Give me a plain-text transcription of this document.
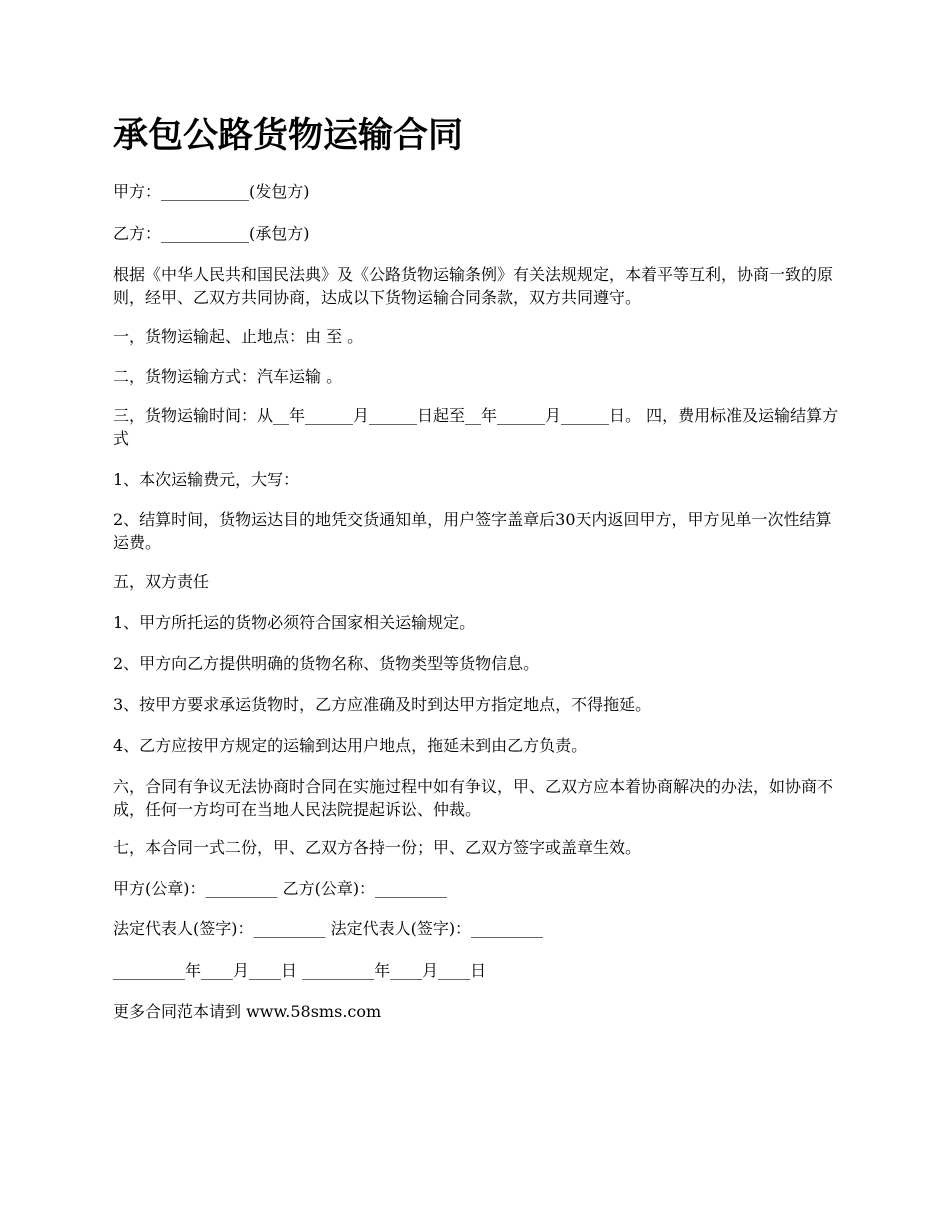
承包公路货物运输合同

甲方：___________(发包方)

乙方：___________(承包方)

根据《中华人民共和国民法典》及《公路货物运输条例》有关法规规定，本着平等互利，协商一致的原则，经甲、乙双方共同协商，达成以下货物运输合同条款，双方共同遵守。

一，货物运输起、止地点：由 至 。

二，货物运输方式：汽车运输 。

三，货物运输时间：从__年______月______日起至__年______月______日。 四，费用标准及运输结算方式

1、本次运输费元，大写：

2、结算时间，货物运达目的地凭交货通知单，用户签字盖章后30天内返回甲方，甲方见单一次性结算运费。

五，双方责任

1、甲方所托运的货物必须符合国家相关运输规定。

2、甲方向乙方提供明确的货物名称、货物类型等货物信息。

3、按甲方要求承运货物时，乙方应准确及时到达甲方指定地点，不得拖延。

4、乙方应按甲方规定的运输到达用户地点，拖延未到由乙方负责。

六，合同有争议无法协商时合同在实施过程中如有争议，甲、乙双方应本着协商解决的办法，如协商不成，任何一方均可在当地人民法院提起诉讼、仲裁。

七，本合同一式二份，甲、乙双方各持一份；甲、乙双方签字或盖章生效。

甲方(公章)：_________ 乙方(公章)：_________

法定代表人(签字)：_________ 法定代表人(签字)：_________

_________年____月____日 _________年____月____日

更多合同范本请到 www.58sms.com
